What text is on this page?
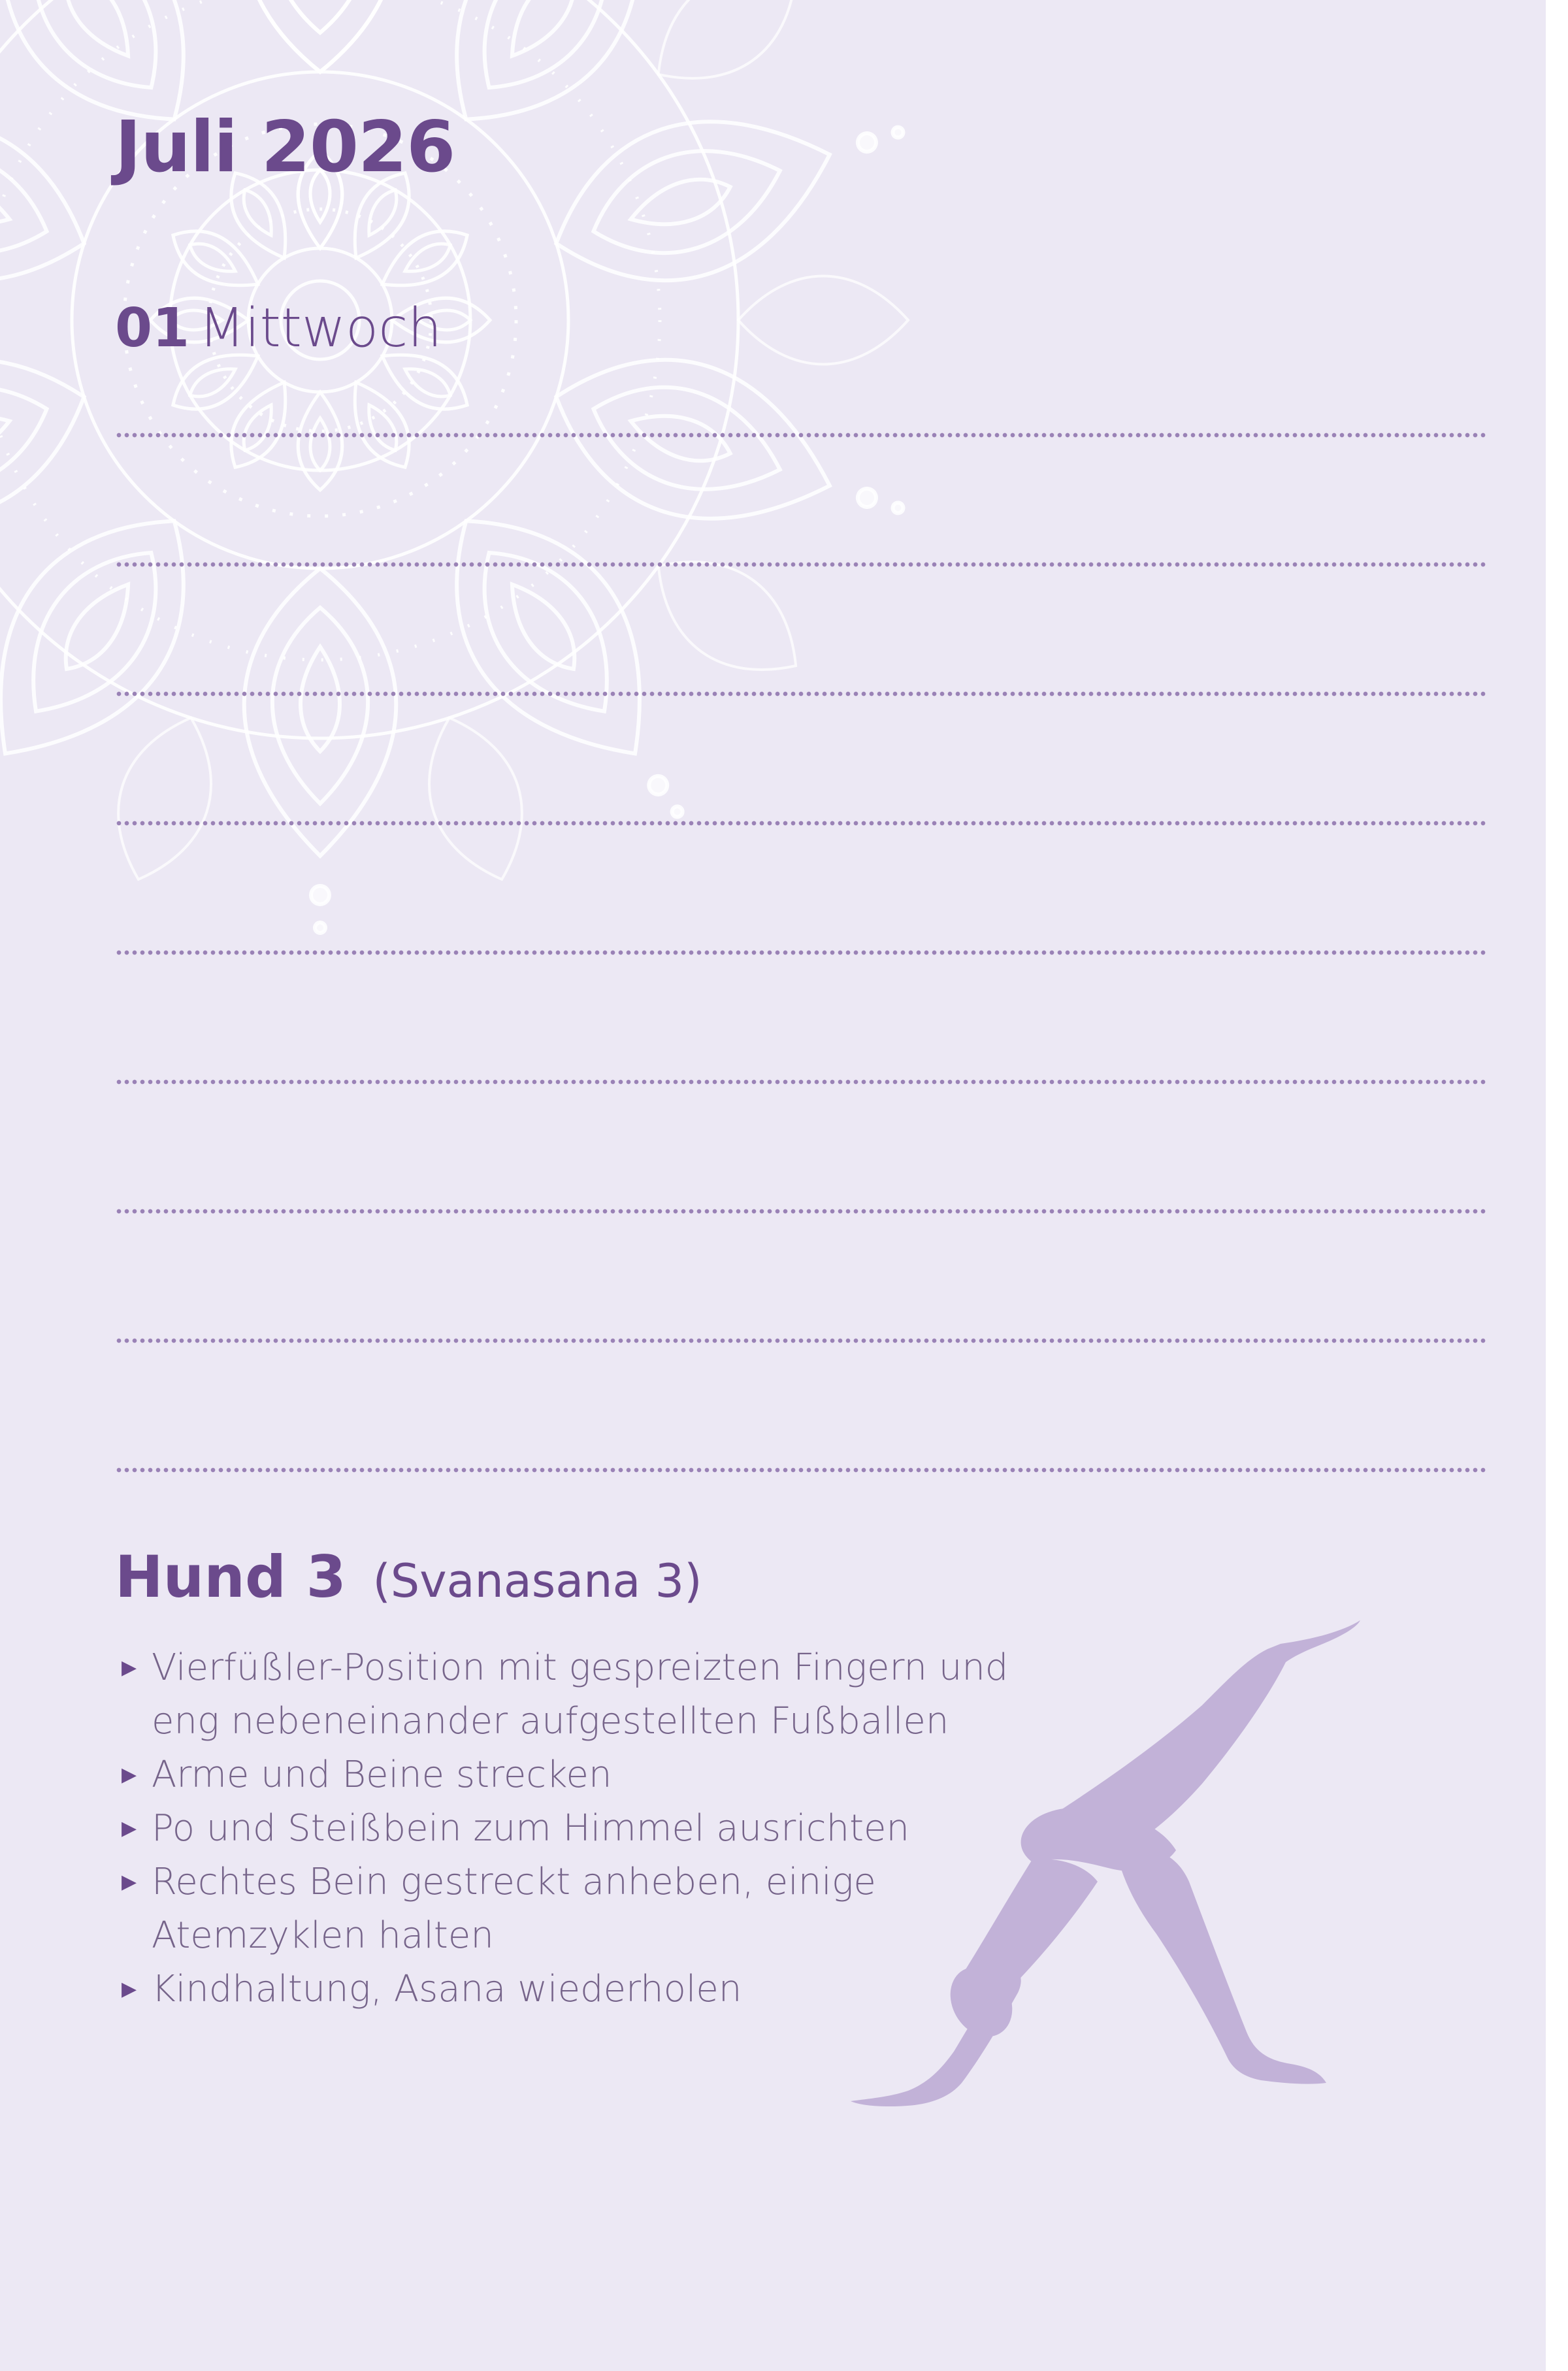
Juli 2026
01 Mittwoch
Hund 3 (Svanasana 3)
▶ Vierfüßler-Position mit gespreizten Fingern und eng nebeneinander aufgestellten Fußballen
▶ Arme und Beine strecken
▶ Po und Steißbein zum Himmel ausrichten
▶ Rechtes Bein gestreckt anheben, einige Atemzyklen halten
▶ Kindhaltung, Asana wiederholen
